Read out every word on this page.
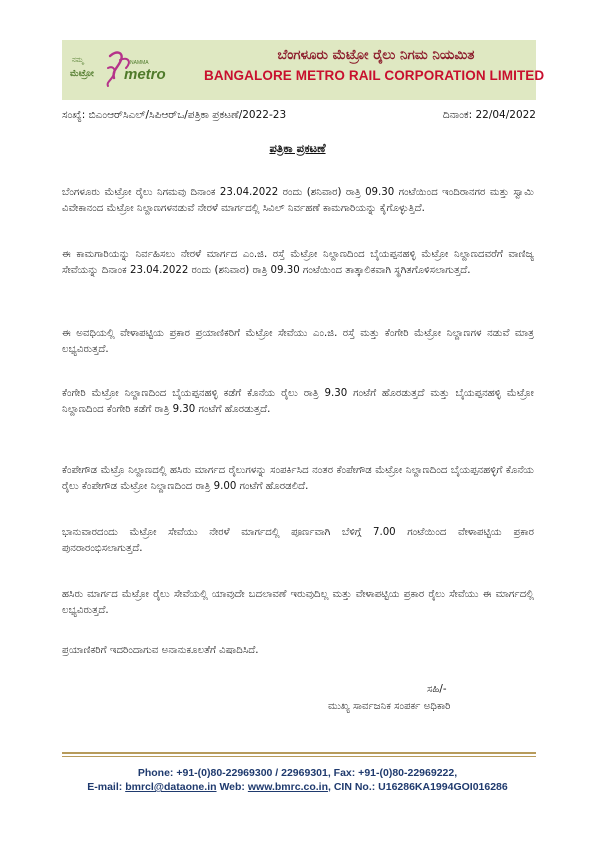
ನಮ್ಮ
ಮೆಟ್ರೋ
NAMMA
metro
ಬೆಂಗಳೂರು ಮೆಟ್ರೋ ರೈಲು ನಿಗಮ ನಿಯಮಿತ
BANGALORE METRO RAIL CORPORATION LIMITED
ಸಂಖ್ಯೆ: ಬಿಎಂಆರ್‌ಸಿಎಲ್/ಸಿಪಿಆರ್‌ಒ/ಪತ್ರಿಕಾ ಪ್ರಕಟಣೆ/2022-23	ದಿನಾಂಕ: 22/04/2022
ಪತ್ರಿಕಾ ಪ್ರಕಟಣೆ

ಬೆಂಗಳೂರು ಮೆಟ್ರೋ ರೈಲು ನಿಗಮವು ದಿನಾಂಕ 23.04.2022 ರಂದು (ಶನಿವಾರ) ರಾತ್ರಿ 09.30 ಗಂಟೆಯಿಂದ ಇಂದಿರಾನಗರ ಮತ್ತು ಸ್ವಾಮಿ ವಿವೇಕಾನಂದ ಮೆಟ್ರೋ ನಿಲ್ದಾಣಗಳನಡುವೆ ನೇರಳೆ ಮಾರ್ಗದಲ್ಲಿ ಸಿವಿಲ್ ನಿರ್ವಹಣೆ ಕಾಮಗಾರಿಯನ್ನು ಕೈಗೊಳ್ಳುತ್ತಿದೆ.

ಈ ಕಾಮಗಾರಿಯನ್ನು ನಿರ್ವಹಿಸಲು ನೇರಳೆ ಮಾರ್ಗದ ಎಂ.ಜಿ. ರಸ್ತೆ ಮೆಟ್ರೋ ನಿಲ್ದಾಣದಿಂದ ಬೈಯಪ್ಪನಹಳ್ಳಿ ಮೆಟ್ರೋ ನಿಲ್ದಾಣದವರೆಗೆ ವಾಣಿಜ್ಯ ಸೇವೆಯನ್ನು ದಿನಾಂಕ 23.04.2022 ರಂದು (ಶನಿವಾರ) ರಾತ್ರಿ 09.30 ಗಂಟೆಯಿಂದ ತಾತ್ಕಾಲಿಕವಾಗಿ ಸ್ಥಗಿತಗೊಳಿಸಲಾಗುತ್ತದೆ.

ಈ ಅವಧಿಯಲ್ಲಿ ವೇಳಾಪಟ್ಟಿಯ ಪ್ರಕಾರ ಪ್ರಯಾಣಿಕರಿಗೆ ಮೆಟ್ರೋ ಸೇವೆಯು ಎಂ.ಜಿ. ರಸ್ತೆ ಮತ್ತು ಕೆಂಗೇರಿ ಮೆಟ್ರೋ ನಿಲ್ದಾಣಗಳ ನಡುವೆ ಮಾತ್ರ ಲಭ್ಯವಿರುತ್ತದೆ.

ಕೆಂಗೇರಿ ಮೆಟ್ರೋ ನಿಲ್ದಾಣದಿಂದ ಬೈಯಪ್ಪನಹಳ್ಳಿ ಕಡೆಗೆ ಕೊನೆಯ ರೈಲು ರಾತ್ರಿ 9.30 ಗಂಟೆಗೆ ಹೊರಡುತ್ತದೆ ಮತ್ತು ಬೈಯಪ್ಪನಹಳ್ಳಿ ಮೆಟ್ರೋ ನಿಲ್ದಾಣದಿಂದ ಕೆಂಗೇರಿ ಕಡೆಗೆ ರಾತ್ರಿ 9.30 ಗಂಟೆಗೆ ಹೊರಡುತ್ತದೆ.

ಕೆಂಪೇಗೌಡ ಮೆಟ್ರೊ ನಿಲ್ದಾಣದಲ್ಲಿ ಹಸಿರು ಮಾರ್ಗದ ರೈಲುಗಳನ್ನು ಸಂಪರ್ಕಿಸಿದ ನಂತರ ಕೆಂಪೇಗೌಡ ಮೆಟ್ರೋ ನಿಲ್ದಾಣದಿಂದ ಬೈಯಪ್ಪನಹಳ್ಳಿಗೆ ಕೊನೆಯ ರೈಲು ಕೆಂಪೇಗೌಡ ಮೆಟ್ರೋ ನಿಲ್ದಾಣದಿಂದ ರಾತ್ರಿ 9.00 ಗಂಟೆಗೆ ಹೊರಡಲಿದೆ.

ಭಾನುವಾರದಂದು ಮೆಟ್ರೋ ಸೇವೆಯು ನೇರಳೆ ಮಾರ್ಗದಲ್ಲಿ ಪೂರ್ಣವಾಗಿ ಬೆಳಿಗ್ಗೆ 7.00 ಗಂಟೆಯಿಂದ ವೇಳಾಪಟ್ಟಿಯ ಪ್ರಕಾರ ಪುನರಾರಂಭಿಸಲಾಗುತ್ತದೆ.

ಹಸಿರು ಮಾರ್ಗದ ಮೆಟ್ರೋ ರೈಲು ಸೇವೆಯಲ್ಲಿ ಯಾವುದೇ ಬದಲಾವಣೆ ಇರುವುದಿಲ್ಲ ಮತ್ತು ವೇಳಾಪಟ್ಟಿಯ ಪ್ರಕಾರ ರೈಲು ಸೇವೆಯು ಈ ಮಾರ್ಗದಲ್ಲಿ ಲಭ್ಯವಿರುತ್ತದೆ.

ಪ್ರಯಾಣಿಕರಿಗೆ ಇದರಿಂದಾಗುವ ಅನಾನುಕೂಲತೆಗೆ ವಿಷಾದಿಸಿದೆ.

ಸಹಿ/-
ಮುಖ್ಯ ಸಾರ್ವಜನಿಕ ಸಂಪರ್ಕ ಅಧಿಕಾರಿ
Phone: +91-(0)80-22969300 / 22969301, Fax: +91-(0)80-22969222,
E-mail: bmrcl@dataone.in Web: www.bmrc.co.in, CIN No.: U16286KA1994GOI016286
